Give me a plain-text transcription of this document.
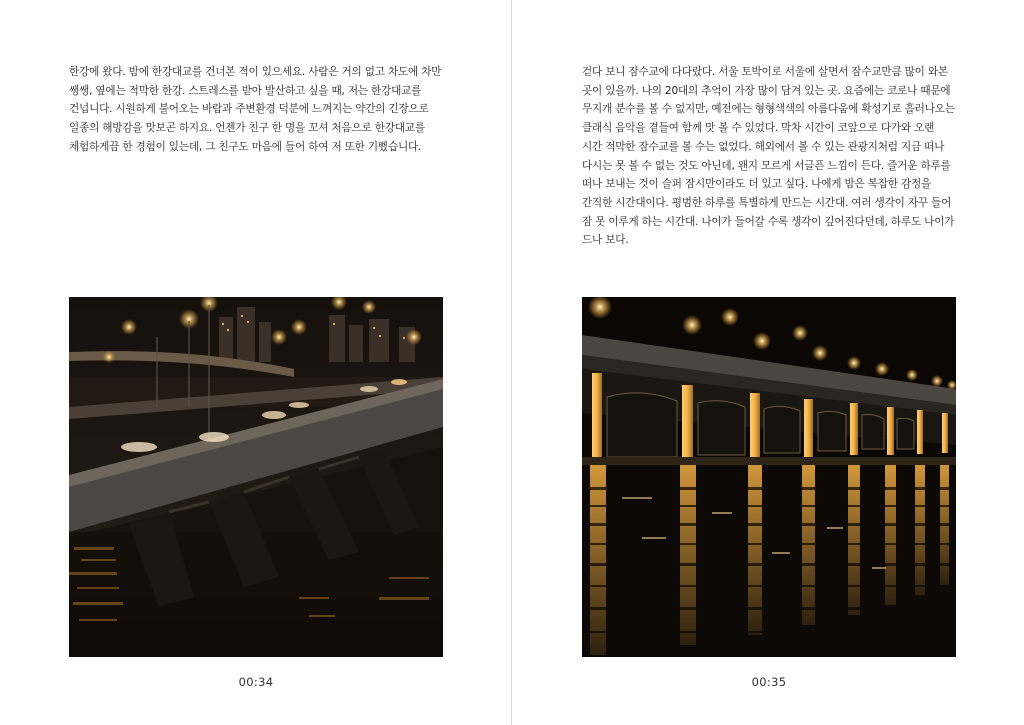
한강에 왔다. 밤에 한강대교를 건너본 적이 있으세요. 사람은 거의 없고 차도에 차만 쌩쌩, 옆에는 적막한 한강. 스트레스를 받아 발산하고 싶을 때, 저는 한강대교를 건넙니다. 시원하게 불어오는 바람과 주변환경 덕분에 느껴지는 약간의 긴장으로 일종의 해방감을 맛보곤 하지요. 언젠가 친구 한 명을 꼬셔 처음으로 한강대교를 체험하게끔 한 경험이 있는데, 그 친구도 마음에 들어 하여 저 또한 기뻤습니다.

00:34

걷다 보니 잠수교에 다다랐다. 서울 토박이로 서울에 살면서 잠수교만큼 많이 와본 곳이 있을까. 나의 20대의 추억이 가장 많이 담겨 있는 곳. 요즘에는 코로나 때문에 무지개 분수를 볼 수 없지만, 예전에는 형형색색의 아름다움에 확성기로 흘러나오는 클래식 음악을 곁들여 함께 맛 볼 수 있었다. 막차 시간이 코앞으로 다가와 오랜 시간 적막한 잠수교를 볼 수는 없었다. 해외에서 볼 수 있는 관광지처럼 지금 떠나 다시는 못 볼 수 없는 것도 아닌데, 왠지 모르게 서글픈 느낌이 든다. 즐거운 하루를 떠나 보내는 것이 슬퍼 잠시만이라도 더 있고 싶다. 나에게 밤은 복잡한 감정을 간직한 시간대이다. 평범한 하루를 특별하게 만드는 시간대. 여러 생각이 자꾸 들어 잠 못 이루게 하는 시간대. 나이가 들어갈 수록 생각이 깊어진다던데, 하루도 나이가 드나 보다.

00:35
